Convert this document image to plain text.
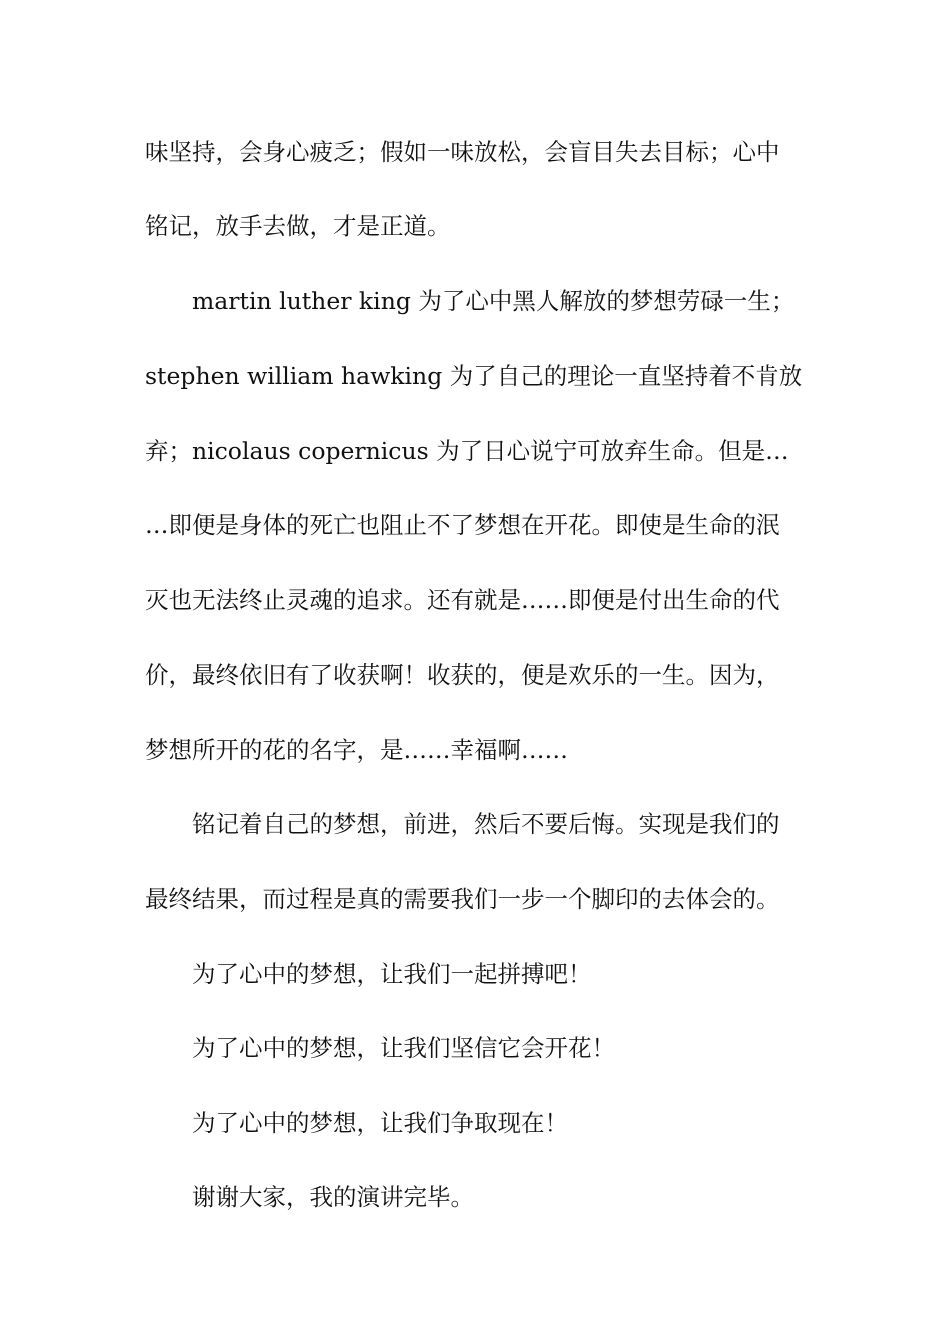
味坚持，会身心疲乏；假如一味放松，会盲目失去目标；心中
铭记，放手去做，才是正道。
martin luther king 为了心中黑人解放的梦想劳碌一生；
stephen william hawking 为了自己的理论一直坚持着不肯放
弃；nicolaus copernicus 为了日心说宁可放弃生命。但是…
…即便是身体的死亡也阻止不了梦想在开花。即使是生命的泯
灭也无法终止灵魂的追求。还有就是……即便是付出生命的代
价，最终依旧有了收获啊！收获的，便是欢乐的一生。因为，
梦想所开的花的名字，是……幸福啊……
铭记着自己的梦想，前进，然后不要后悔。实现是我们的
最终结果，而过程是真的需要我们一步一个脚印的去体会的。
为了心中的梦想，让我们一起拼搏吧！
为了心中的梦想，让我们坚信它会开花！
为了心中的梦想，让我们争取现在！
谢谢大家，我的演讲完毕。
